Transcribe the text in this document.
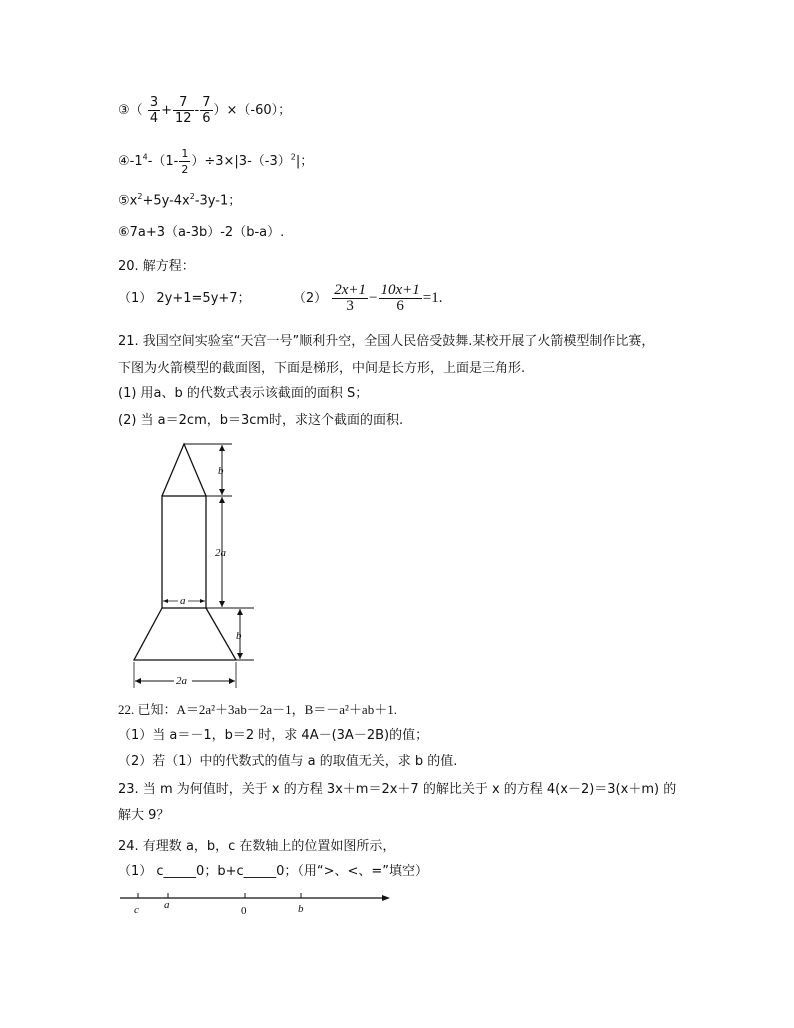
③（ $\frac{3}{4} + \frac{7}{12} - \frac{7}{6} )\times(-60)$；
$④-1^4-(1- \frac{1}{2} )\div 3\times|3-(-3)^2|$；
$⑤x^2+5y-4x^2-3y-1$；
⑥7a+3（a-3b）-2（b-a）.
20. 解方程：
（1） 2y+1=5y+7；	$(2) \frac{2x+1}{3} - \frac{10x+1}{6} =1$.
21. 我国空间实验室“天宫一号”顺利升空，全国人民倍受鼓舞.某校开展了火箭模型制作比赛，
下图为火箭模型的截面图，下面是梯形，中间是长方形，上面是三角形.
(1) 用a、b 的代数式表示该截面的面积 S；
(2) 当 a＝2cm，b＝3cm时，求这个截面的面积.
b
2a
a
b
2a
22. 已知：A＝2a²＋3ab－2a－1，B＝－a²＋ab＋1.
（1）当 a＝－1，b＝2 时，求 4A－(3A－2B)的值；
（2）若（1）中的代数式的值与 a 的取值无关，求 b 的值.
23. 当 m 为何值时，关于 x 的方程 3x＋m＝2x＋7 的解比关于 x 的方程 4(x－2)＝3(x＋m) 的
解大 9？
24. 有理数 a，b，c 在数轴上的位置如图所示，
（1） c_____0；b+c_____0；（用“>、<、=”填空）
c a	0	b
